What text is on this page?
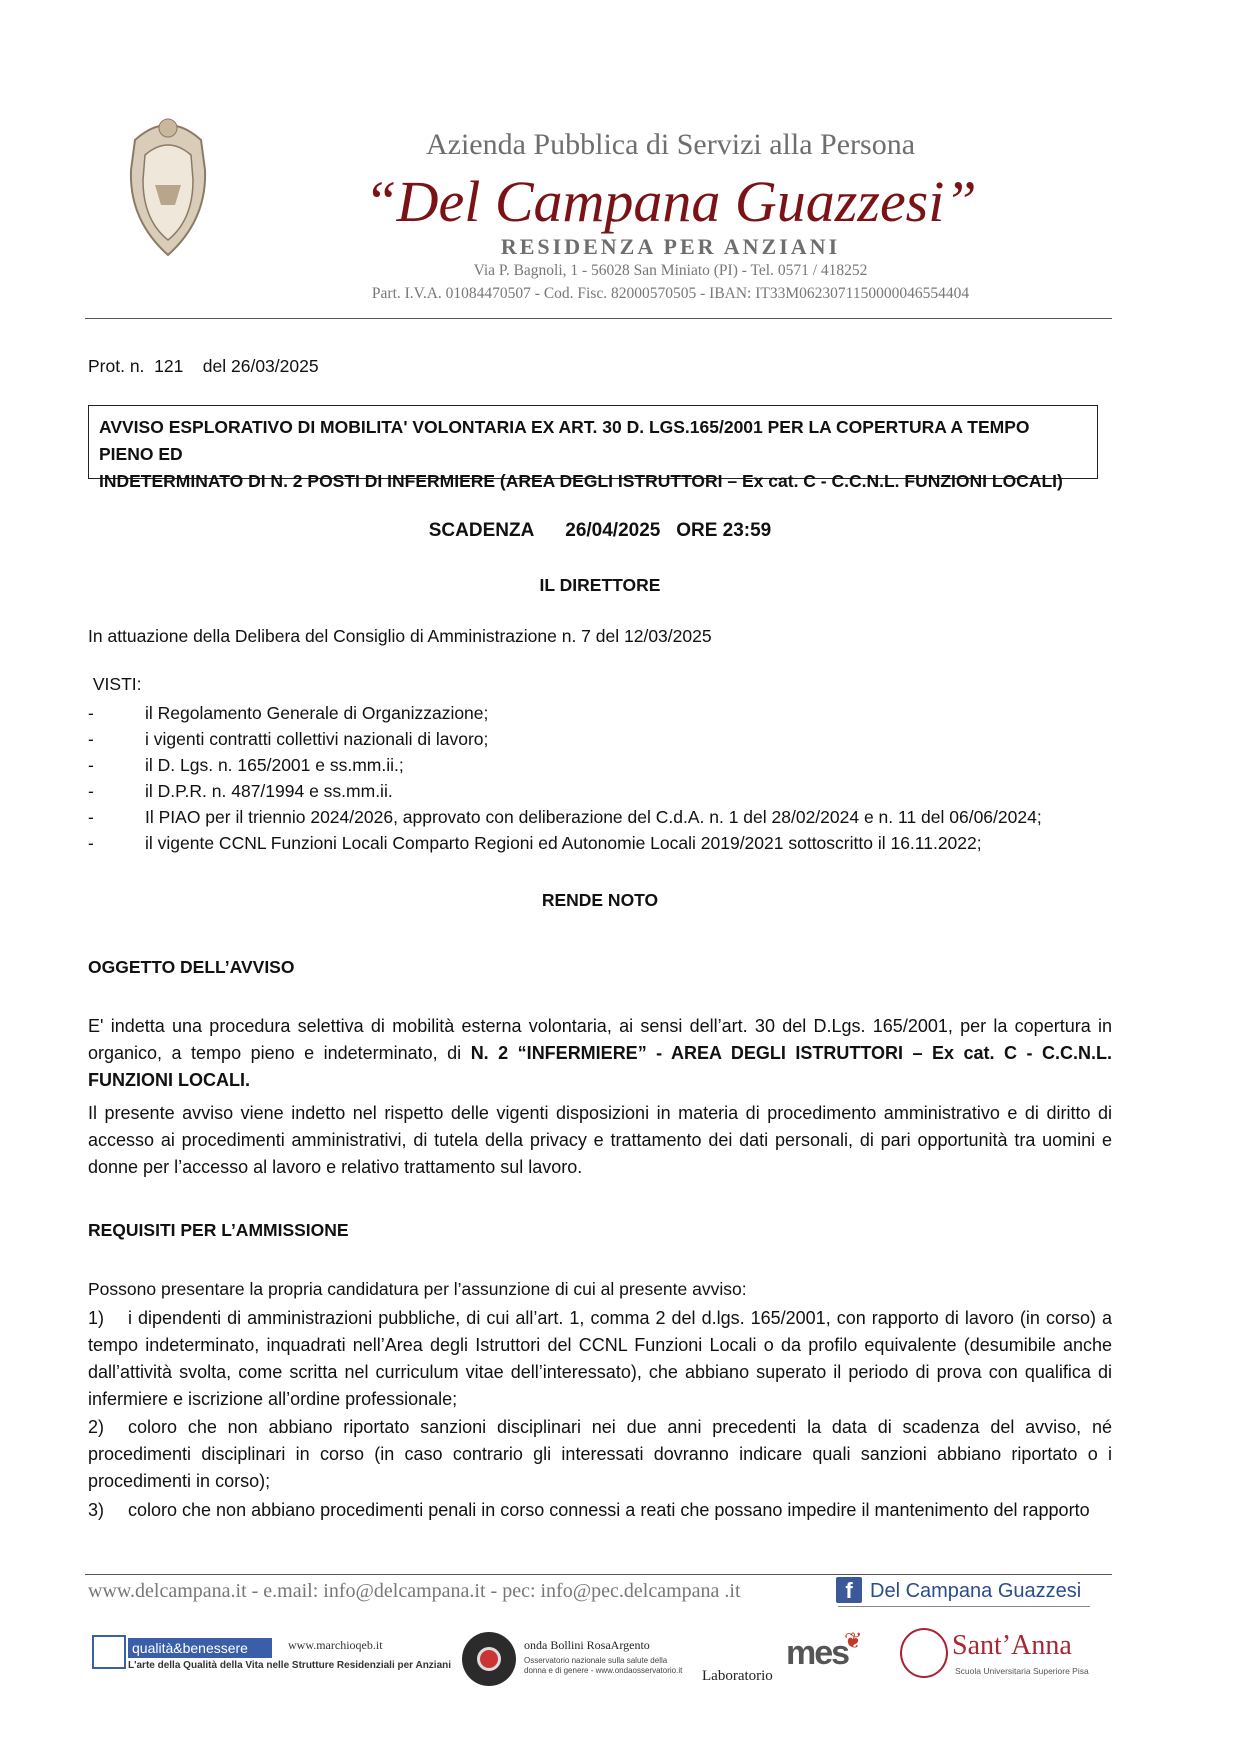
Azienda Pubblica di Servizi alla Persona
“Del Campana Guazzesi”
RESIDENZA PER ANZIANI
Via P. Bagnoli, 1 - 56028 San Miniato (PI) - Tel. 0571 / 418252
Part. I.V.A. 01084470507 - Cod. Fisc. 82000570505 - IBAN: IT33M0623071150000046554404
Prot. n.  121    del 26/03/2025
AVVISO ESPLORATIVO DI MOBILITA' VOLONTARIA EX ART. 30 D. LGS.165/2001 PER LA COPERTURA A TEMPO PIENO ED
INDETERMINATO DI N. 2 POSTI DI INFERMIERE (AREA DEGLI ISTRUTTORI – Ex cat. C - C.C.N.L. FUNZIONI LOCALI)
SCADENZA      26/04/2025   ORE 23:59
IL DIRETTORE
In attuazione della Delibera del Consiglio di Amministrazione n. 7 del 12/03/2025
VISTI:
-	il Regolamento Generale di Organizzazione;
-	i vigenti contratti collettivi nazionali di lavoro;
-	il D. Lgs. n. 165/2001 e ss.mm.ii.;
-	il D.P.R. n. 487/1994 e ss.mm.ii.
-	Il PIAO per il triennio 2024/2026, approvato con deliberazione del C.d.A. n. 1 del 28/02/2024 e n. 11 del 06/06/2024;
-	il vigente CCNL Funzioni Locali Comparto Regioni ed Autonomie Locali 2019/2021 sottoscritto il 16.11.2022;
RENDE NOTO
OGGETTO DELL’AVVISO
E' indetta una procedura selettiva di mobilità esterna volontaria, ai sensi dell’art. 30 del D.Lgs. 165/2001, per la copertura in organico, a tempo pieno e indeterminato, di N. 2 “INFERMIERE” - AREA DEGLI ISTRUTTORI – Ex cat. C - C.C.N.L. FUNZIONI LOCALI.
Il presente avviso viene indetto nel rispetto delle vigenti disposizioni in materia di procedimento amministrativo e di diritto di accesso ai procedimenti amministrativi, di tutela della privacy e trattamento dei dati personali, di pari opportunità tra uomini e donne per l’accesso al lavoro e relativo trattamento sul lavoro.
REQUISITI PER L’AMMISSIONE
Possono presentare la propria candidatura per l’assunzione di cui al presente avviso:
1) i dipendenti di amministrazioni pubbliche, di cui all’art. 1, comma 2 del d.lgs. 165/2001, con rapporto di lavoro (in corso) a tempo indeterminato, inquadrati nell’Area degli Istruttori del CCNL Funzioni Locali o da profilo equivalente (desumibile anche dall’attività svolta, come scritta nel curriculum vitae dell’interessato), che abbiano superato il periodo di prova con qualifica di infermiere e iscrizione all’ordine professionale;
2) coloro che non abbiano riportato sanzioni disciplinari nei due anni precedenti la data di scadenza del avviso, né procedimenti disciplinari in corso (in caso contrario gli interessati dovranno indicare quali sanzioni abbiano riportato o i procedimenti in corso);
3) coloro che non abbiano procedimenti penali in corso connessi a reati che possano impedire il mantenimento del rapporto
www.delcampana.it - e.mail: info@delcampana.it - pec: info@pec.delcampana .it	f Del Campana Guazzesi
qualità&benessere	www.marchioqeb.it
L'arte della Qualità della Vita nelle Strutture Residenziali per Anziani
onda Bollini RosaArgento
Osservatorio nazionale sulla salute della donna e di genere - www.ondaosservatorio.it Laboratorio
mes
❦	Sant’Anna
Scuola Universitaria Superiore Pisa
